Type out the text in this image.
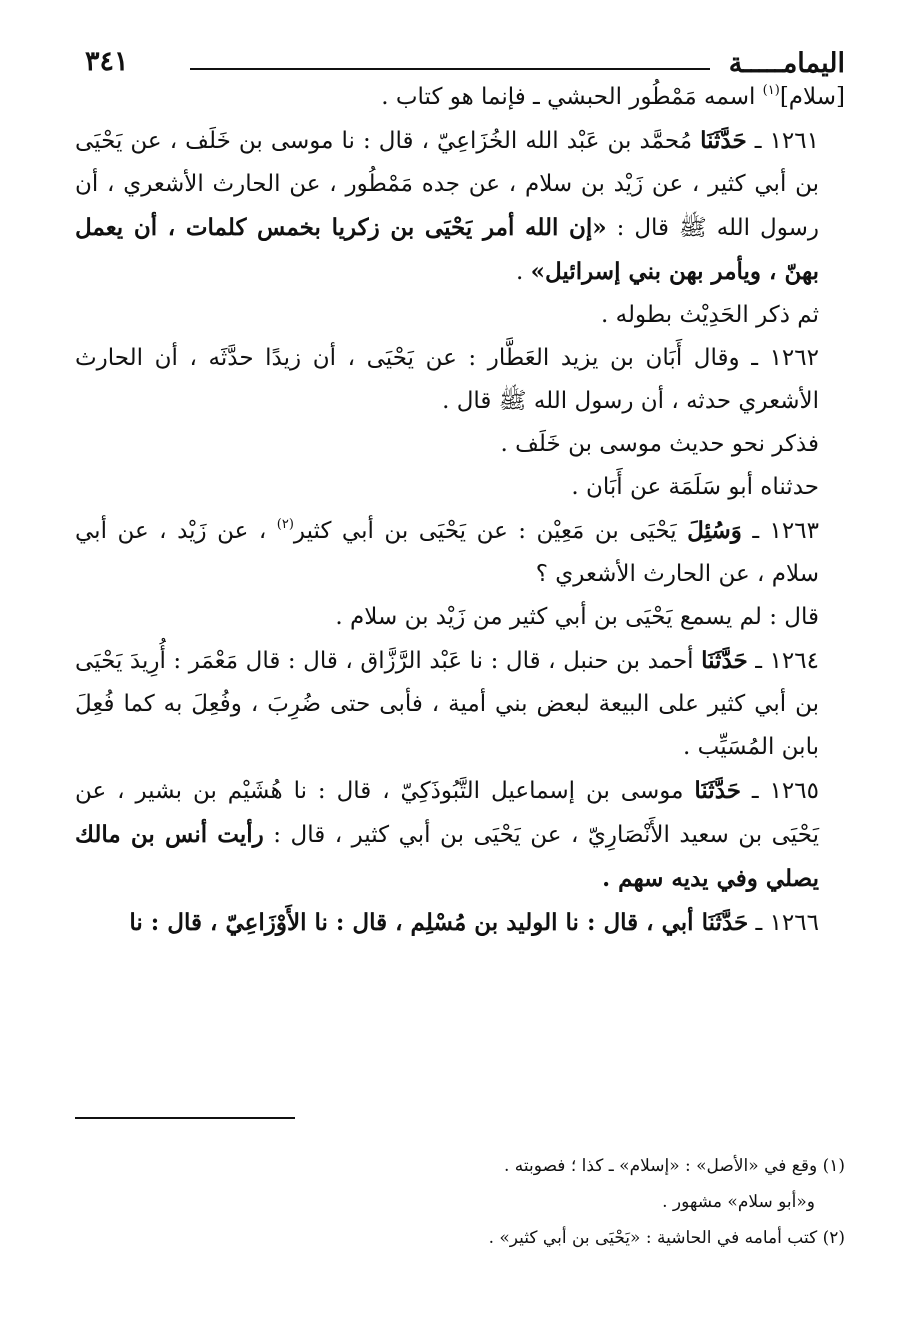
اليمامـــــة
٣٤١

[سلام]$^{(١)}$ اسمه مَمْطُور الحبشي ـ فإنما هو كتاب .

١٢٦١ ـ حَدَّثَنَا مُحمَّد بن عَبْد الله الخُزَاعِيّ ، قال : نا موسى بن خَلَف ، عن يَحْيَى بن أبي كثير ، عن زَيْد بن سلام ، عن جده مَمْطُور ، عن الحارث الأشعري ، أن رسول الله ﷺ قال : «إن الله أمر يَحْيَى بن زكريا بخمس كلمات ، أن يعمل بهنّ ، ويأمر بهن بني إسرائيل» .

ثم ذكر الحَدِيْث بطوله .

١٢٦٢ ـ وقال أَبَان بن يزيد العَطَّار : عن يَحْيَى ، أن زيدًا حدَّثَه ، أن الحارث الأشعري حدثه ، أن رسول الله ﷺ قال .

فذكر نحو حديث موسى بن خَلَف .

حدثناه أبو سَلَمَة عن أَبَان .

١٢٦٣ ـ وَسُئِلَ يَحْيَى بن مَعِيْن : عن يَحْيَى بن أبي كثير$^{(٢)}$ ، عن زَيْد ، عن أبي سلام ، عن الحارث الأشعري ؟

قال : لم يسمع يَحْيَى بن أبي كثير من زَيْد بن سلام .

١٢٦٤ ـ حَدَّثَنَا أحمد بن حنبل ، قال : نا عَبْد الرَّزَّاق ، قال : قال مَعْمَر : أُرِيدَ يَحْيَى بن أبي كثير على البيعة لبعض بني أمية ، فأبى حتى ضُرِبَ ، وفُعِلَ به كما فُعِلَ بابن المُسَيِّب .

١٢٦٥ ـ حَدَّثَنَا موسى بن إسماعيل التَّبُوذَكِيّ ، قال : نا هُشَيْم بن بشير ، عن يَحْيَى بن سعيد الأَنْصَارِيّ ، عن يَحْيَى بن أبي كثير ، قال : رأيت أنس بن مالك يصلي وفي يديه سهم .

١٢٦٦ ـ حَدَّثَنَا أبي ، قال : نا الوليد بن مُسْلِم ، قال : نا الأَوْزَاعِيّ ، قال : نا

(١) وقع في «الأصل» : «إسلام» ـ كذا ؛ فصوبته .

و«أبو سلام» مشهور .

(٢) كتب أمامه في الحاشية : «يَحْيَى بن أبي كثير» .
